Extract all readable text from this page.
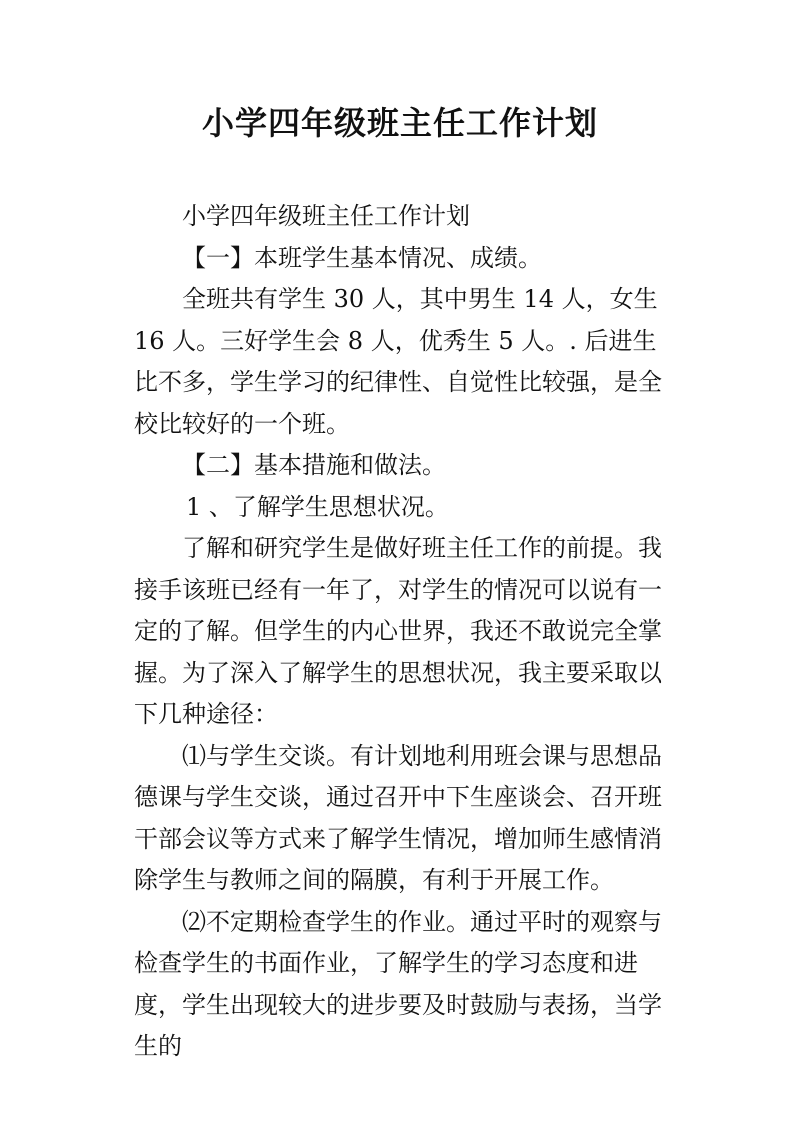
小学四年级班主任工作计划

小学四年级班主任工作计划

【一】本班学生基本情况、成绩。

全班共有学生 30 人，其中男生 14 人，女生 16 人。三好学生会 8 人，优秀生 5 人。. 后进生比不多，学生学习的纪律性、自觉性比较强，是全校比较好的一个班。

【二】基本措施和做法。

1 、了解学生思想状况。

了解和研究学生是做好班主任工作的前提。我接手该班已经有一年了，对学生的情况可以说有一定的了解。但学生的内心世界，我还不敢说完全掌握。为了深入了解学生的思想状况，我主要采取以下几种途径：

⑴与学生交谈。有计划地利用班会课与思想品德课与学生交谈，通过召开中下生座谈会、召开班干部会议等方式来了解学生情况，增加师生感情消除学生与教师之间的隔膜，有利于开展工作。

⑵不定期检查学生的作业。通过平时的观察与检查学生的书面作业，了解学生的学习态度和进度，学生出现较大的进步要及时鼓励与表扬，当学生的
